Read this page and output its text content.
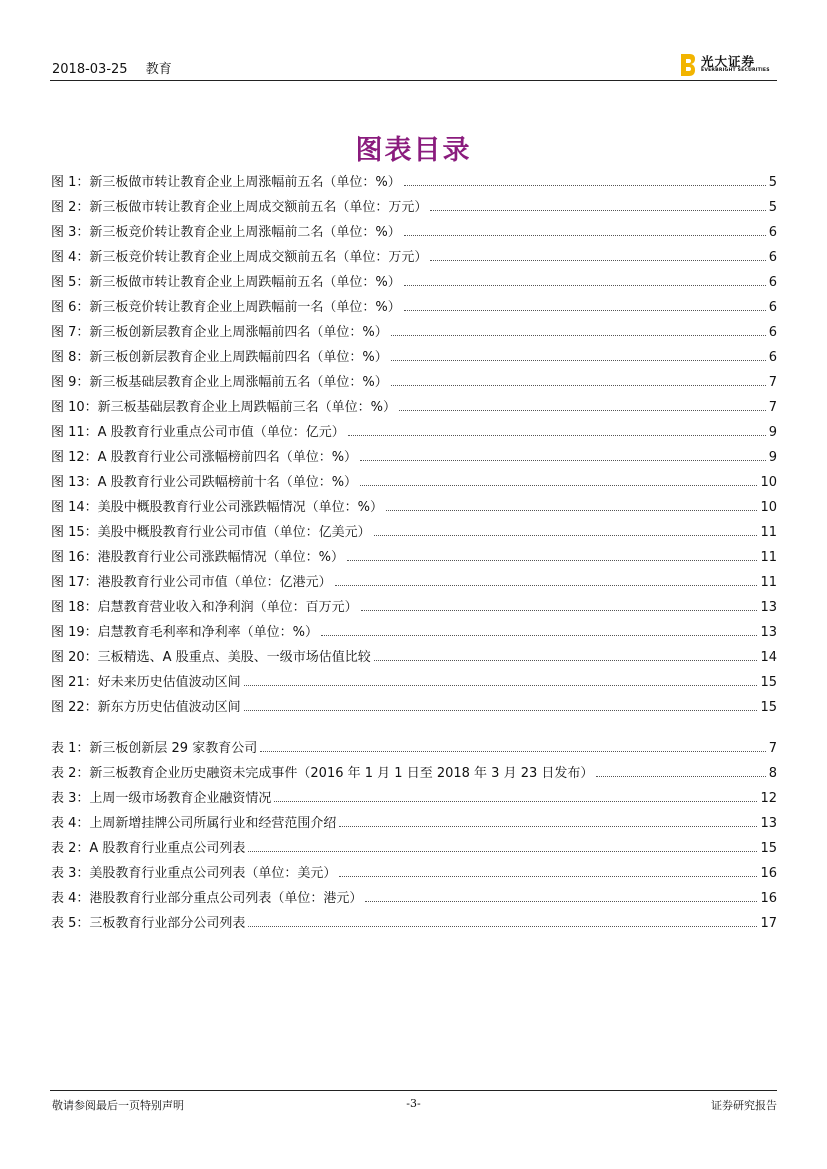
2018-03-25 教育
光大证券
EVERBRIGHT SECURITIES
图表目录
图 1：新三板做市转让教育企业上周涨幅前五名（单位：%）	5
图 2：新三板做市转让教育企业上周成交额前五名（单位：万元）	5
图 3：新三板竞价转让教育企业上周涨幅前二名（单位：%）	6
图 4：新三板竞价转让教育企业上周成交额前五名（单位：万元）	6
图 5：新三板做市转让教育企业上周跌幅前五名（单位：%）	6
图 6：新三板竞价转让教育企业上周跌幅前一名（单位：%）	6
图 7：新三板创新层教育企业上周涨幅前四名（单位：%）	6
图 8：新三板创新层教育企业上周跌幅前四名（单位：%）	6
图 9：新三板基础层教育企业上周涨幅前五名（单位：%）	7
图 10：新三板基础层教育企业上周跌幅前三名（单位：%）	7
图 11：A 股教育行业重点公司市值（单位：亿元）	9
图 12：A 股教育行业公司涨幅榜前四名（单位：%）	9
图 13：A 股教育行业公司跌幅榜前十名（单位：%）	10
图 14：美股中概股教育行业公司涨跌幅情况（单位：%）	10
图 15：美股中概股教育行业公司市值（单位：亿美元）	11
图 16：港股教育行业公司涨跌幅情况（单位：%）	11
图 17：港股教育行业公司市值（单位：亿港元）	11
图 18：启慧教育营业收入和净利润（单位：百万元）	13
图 19：启慧教育毛利率和净利率（单位：%）	13
图 20：三板精选、A 股重点、美股、一级市场估值比较	14
图 21：好未来历史估值波动区间	15
图 22：新东方历史估值波动区间	15
表 1：新三板创新层 29 家教育公司	7
表 2：新三板教育企业历史融资未完成事件（2016 年 1 月 1 日至 2018 年 3 月 23 日发布）	8
表 3：上周一级市场教育企业融资情况	12
表 4：上周新增挂牌公司所属行业和经营范围介绍	13
表 2：A 股教育行业重点公司列表	15
表 3：美股教育行业重点公司列表（单位：美元）	16
表 4：港股教育行业部分重点公司列表（单位：港元）	16
表 5：三板教育行业部分公司列表	17
敬请参阅最后一页特别声明	-3-	证券研究报告
